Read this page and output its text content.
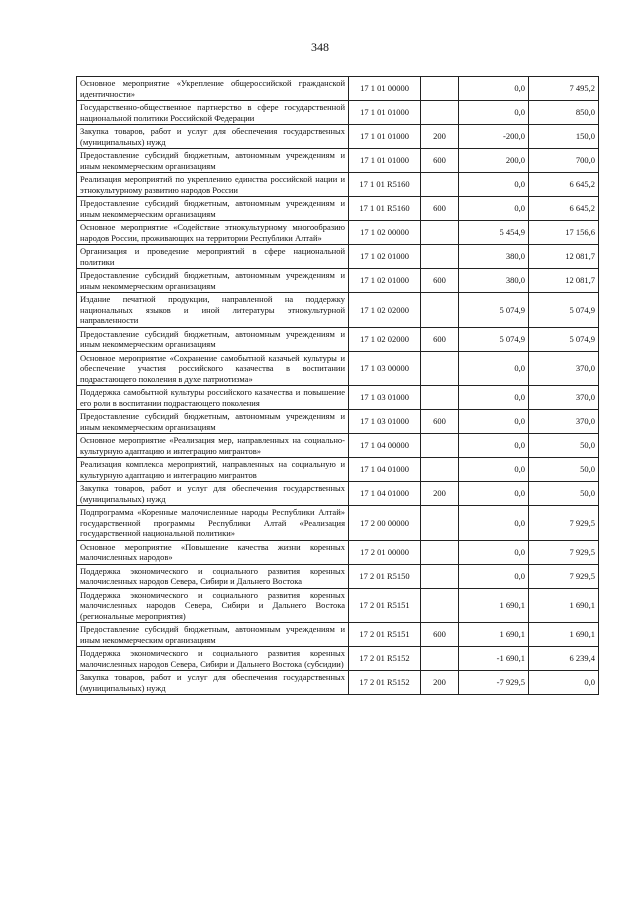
348
Основное мероприятие «Укрепление общероссийской гражданской идентичности»	17 1 01 00000		0,0	7 495,2
Государственно-общественное партнерство в сфере государственной национальной политики Российской Федерации	17 1 01 01000		0,0	850,0
Закупка товаров, работ и услуг для обеспечения государственных (муниципальных) нужд	17 1 01 01000	200	-200,0	150,0
Предоставление субсидий бюджетным, автономным учреждениям и иным некоммерческим организациям	17 1 01 01000	600	200,0	700,0
Реализация мероприятий по укреплению единства российской нации и этнокультурному развитию народов России	17 1 01 R5160		0,0	6 645,2
Предоставление субсидий бюджетным, автономным учреждениям и иным некоммерческим организациям	17 1 01 R5160	600	0,0	6 645,2
Основное мероприятие «Содействие этнокультурному многообразию народов России, проживающих на территории Республики Алтай»	17 1 02 00000		5 454,9	17 156,6
Организация и проведение мероприятий в сфере национальной политики	17 1 02 01000		380,0	12 081,7
Предоставление субсидий бюджетным, автономным учреждениям и иным некоммерческим организациям	17 1 02 01000	600	380,0	12 081,7
Издание печатной продукции, направленной на поддержку национальных языков и иной литературы этнокультурной направленности	17 1 02 02000		5 074,9	5 074,9
Предоставление субсидий бюджетным, автономным учреждениям и иным некоммерческим организациям	17 1 02 02000	600	5 074,9	5 074,9
Основное мероприятие «Сохранение самобытной казачьей культуры и обеспечение участия российского казачества в воспитании подрастающего поколения в духе патриотизма»	17 1 03 00000		0,0	370,0
Поддержка самобытной культуры российского казачества и повышение его роли в воспитании подрастающего поколения	17 1 03 01000		0,0	370,0
Предоставление субсидий бюджетным, автономным учреждениям и иным некоммерческим организациям	17 1 03 01000	600	0,0	370,0
Основное мероприятие «Реализация мер, направленных на социально-культурную адаптацию и интеграцию мигрантов»	17 1 04 00000		0,0	50,0
Реализация комплекса мероприятий, направленных на социальную и культурную адаптацию и интеграцию мигрантов	17 1 04 01000		0,0	50,0
Закупка товаров, работ и услуг для обеспечения государственных (муниципальных) нужд	17 1 04 01000	200	0,0	50,0
Подпрограмма «Коренные малочисленные народы Республики Алтай» государственной программы Республики Алтай «Реализация государственной национальной политики»	17 2 00 00000		0,0	7 929,5
Основное мероприятие «Повышение качества жизни коренных малочисленных народов»	17 2 01 00000		0,0	7 929,5
Поддержка экономического и социального развития коренных малочисленных народов Севера, Сибири и Дальнего Востока	17 2 01 R5150		0,0	7 929,5
Поддержка экономического и социального развития коренных малочисленных народов Севера, Сибири и Дальнего Востока (региональные мероприятия)	17 2 01 R5151		1 690,1	1 690,1
Предоставление субсидий бюджетным, автономным учреждениям и иным некоммерческим организациям	17 2 01 R5151	600	1 690,1	1 690,1
Поддержка экономического и социального развития коренных малочисленных народов Севера, Сибири и Дальнего Востока (субсидии)	17 2 01 R5152		-1 690,1	6 239,4
Закупка товаров, работ и услуг для обеспечения государственных (муниципальных) нужд	17 2 01 R5152	200	-7 929,5	0,0
